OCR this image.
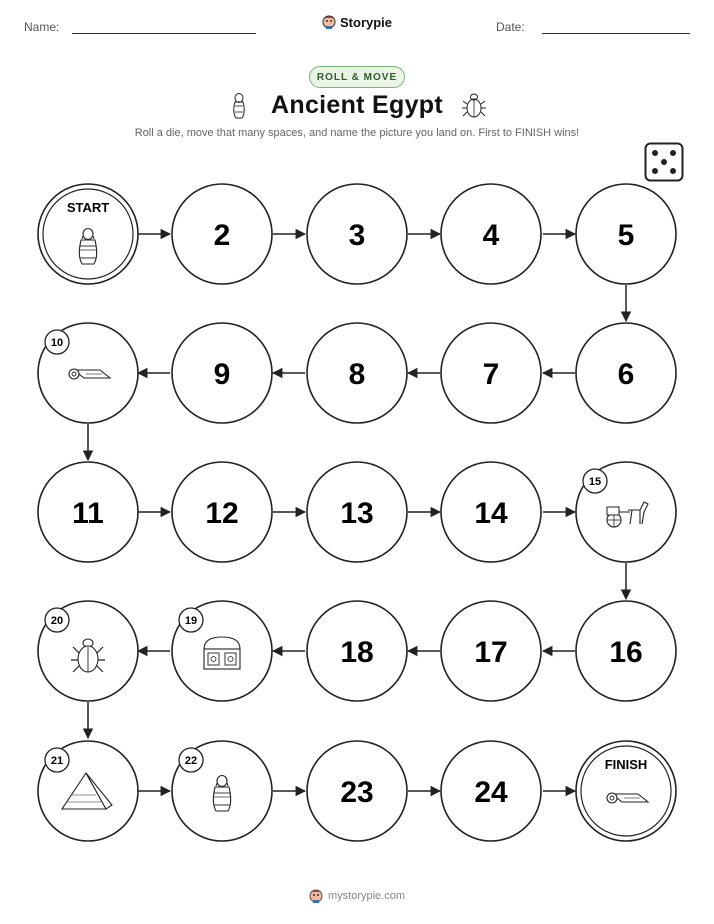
Name:	Storypie	Date:
ROLL & MOVE
Ancient Egypt
Roll a die, move that many spaces, and name the picture you land on. First to FINISH wins!
START
2	3	4	5
6
7
8
9
10
11	12	13	14
15
16
17
18
19
20
21	22
23	24
FINISH
mystorypie.com
